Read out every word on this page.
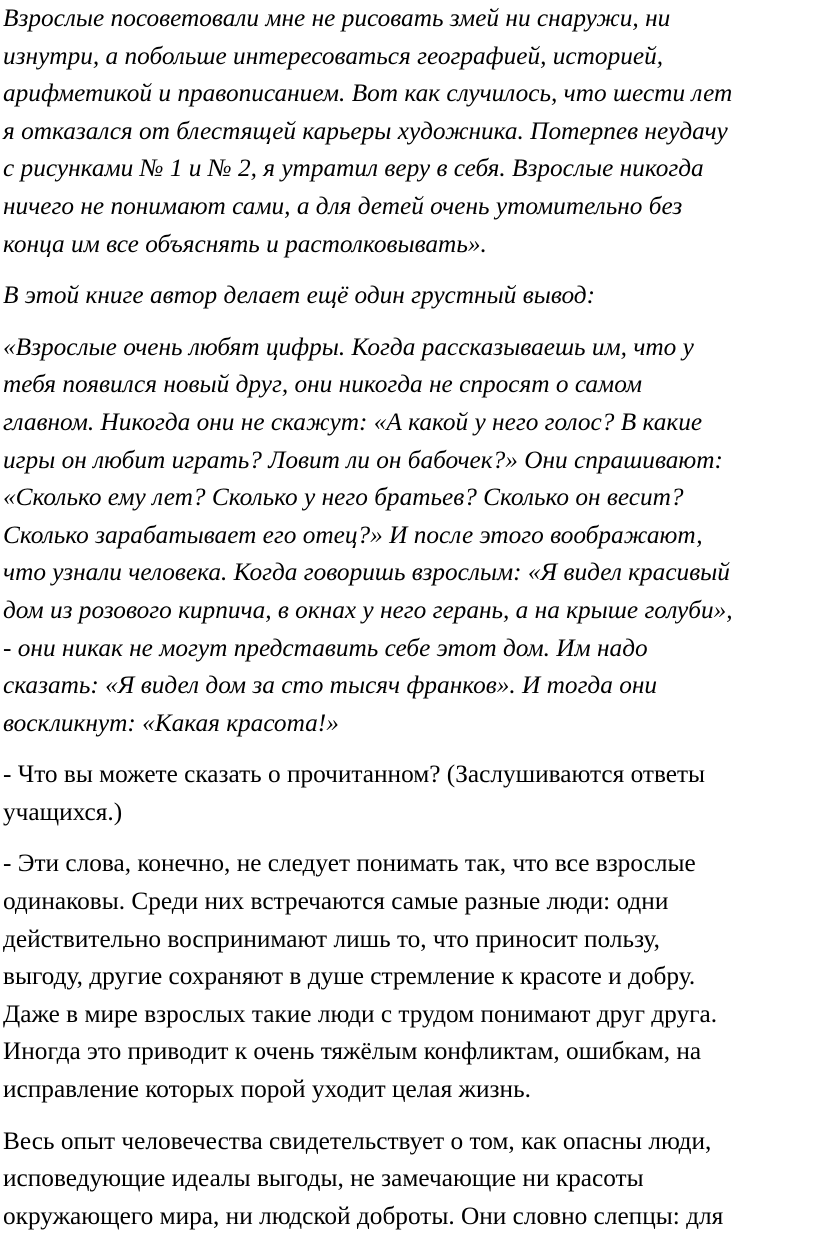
Взрослые посоветовали мне не рисовать змей ни снаружи, ни
изнутри, а побольше интересоваться географией, историей,
арифметикой и правописанием. Вот как случилось, что шести лет
я отказался от блестящей карьеры художника. Потерпев неудачу
с рисунками № 1 и № 2, я утратил веру в себя. Взрослые никогда
ничего не понимают сами, а для детей очень утомительно без
конца им все объяснять и растолковывать».

В этой книге автор делает ещё один грустный вывод:

«Взрослые очень любят цифры. Когда рассказываешь им, что у
тебя появился новый друг, они никогда не спросят о самом
главном. Никогда они не скажут: «А какой у него голос? В какие
игры он любит играть? Ловит ли он бабочек?» Они спрашивают:
«Сколько ему лет? Сколько у него братьев? Сколько он весит?
Сколько зарабатывает его отец?» И после этого воображают,
что узнали человека. Когда говоришь взрослым: «Я видел красивый
дом из розового кирпича, в окнах у него герань, а на крыше голуби»,
- они никак не могут представить себе этот дом. Им надо
сказать: «Я видел дом за сто тысяч франков». И тогда они
воскликнут: «Какая красота!»

- Что вы можете сказать о прочитанном? (Заслушиваются ответы
учащихся.)

- Эти слова, конечно, не следует понимать так, что все взрослые
одинаковы. Среди них встречаются самые разные люди: одни
действительно воспринимают лишь то, что приносит пользу,
выгоду, другие сохраняют в душе стремление к красоте и добру.
Даже в мире взрослых такие люди с трудом понимают друг друга.
Иногда это приводит к очень тяжёлым конфликтам, ошибкам, на
исправление которых порой уходит целая жизнь.

Весь опыт человечества свидетельствует о том, как опасны люди,
исповедующие идеалы выгоды, не замечающие ни красоты
окружающего мира, ни людской доброты. Они словно слепцы: для
